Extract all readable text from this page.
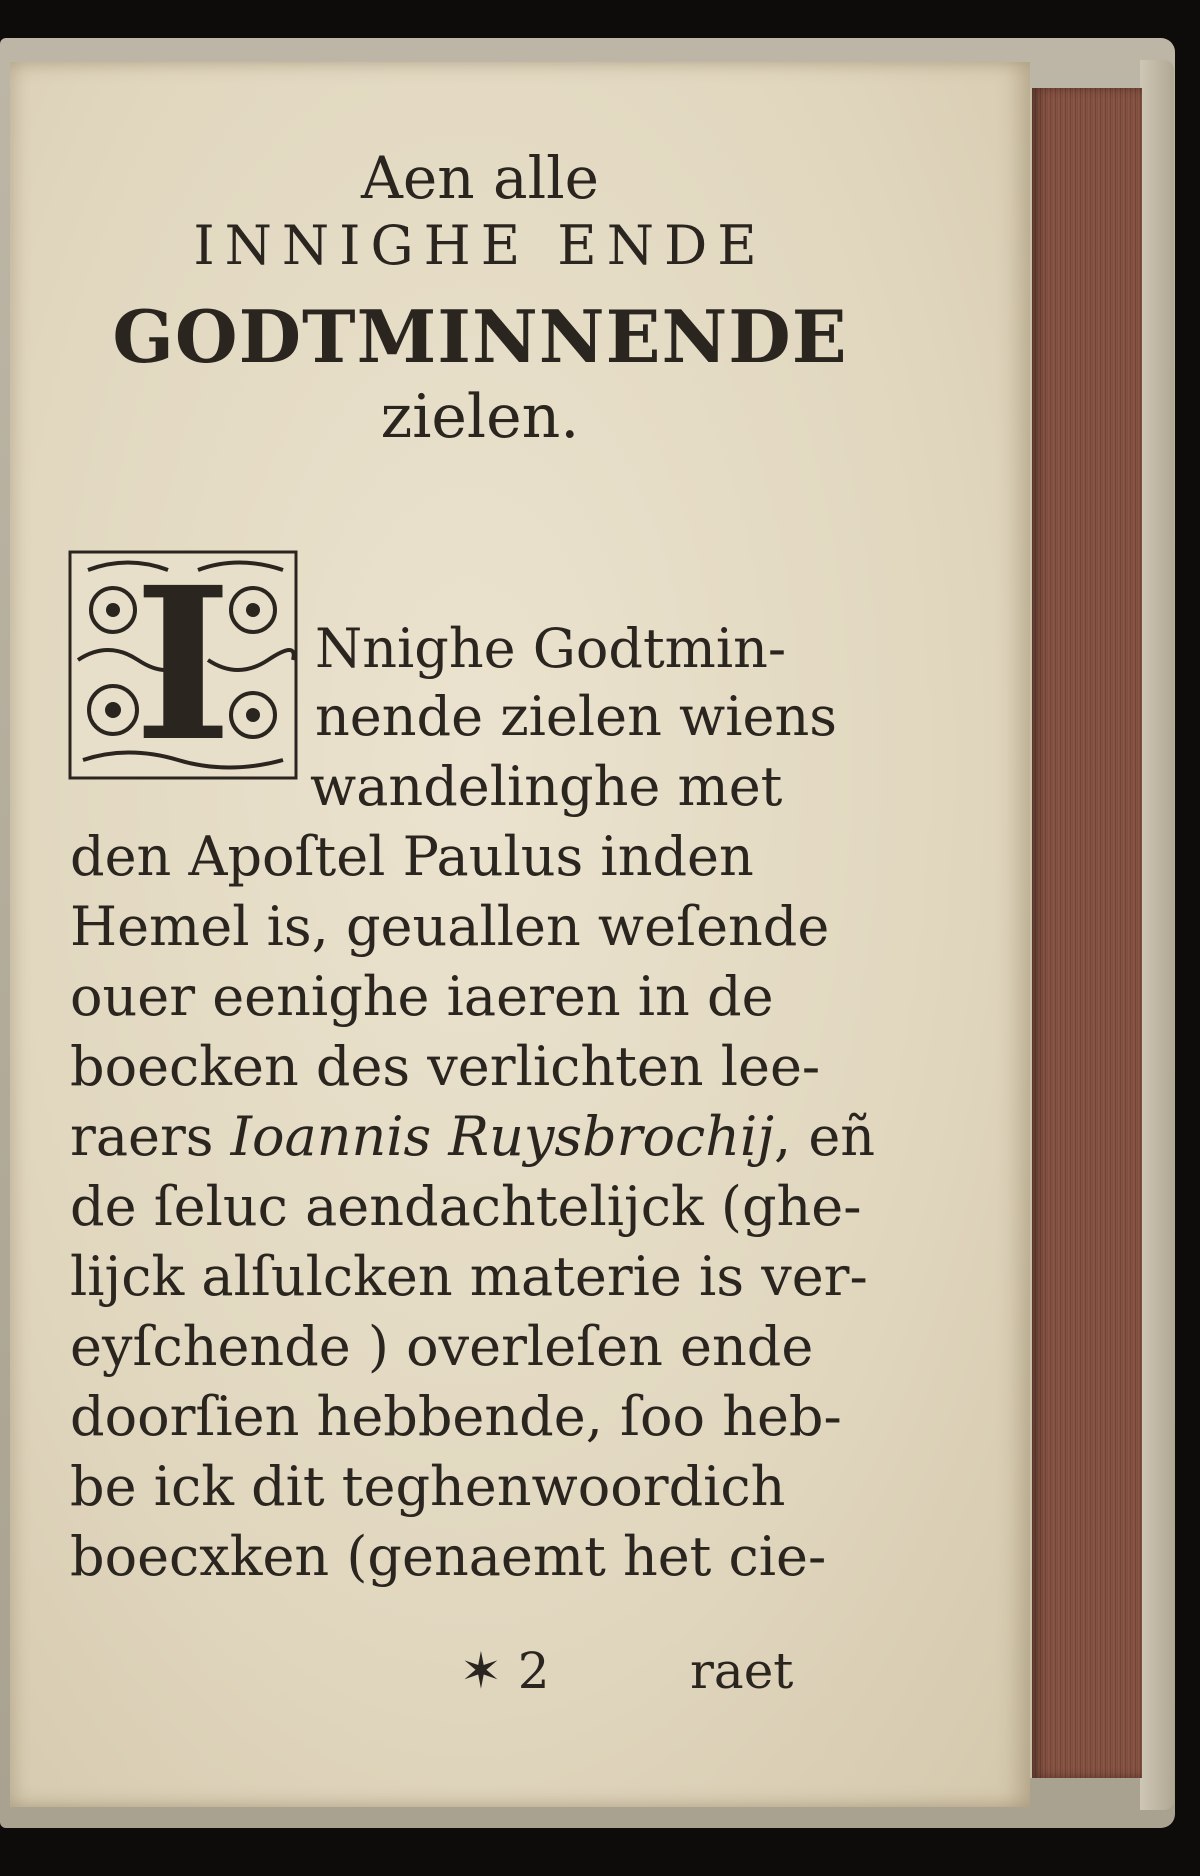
Aen alle
INNIGHE ENDE
GODTMINNENDE
zielen.
I	Nnighe Godtmin-
nende zielen wiens
wandelinghe met
den Apoſtel Paulus inden
Hemel is, geuallen weſende
ouer eenighe iaeren in de
boecken des verlichten lee-
raers Ioannis Ruysbrochij, eñ
de ſeluc aendachtelijck (ghe-
lijck alſulcken materie is ver-
eyſchende ) overleſen ende
doorſien hebbende, ſoo heb-
be ick dit teghenwoordich
boecxken (genaemt het cie-
✶ 2	raet
